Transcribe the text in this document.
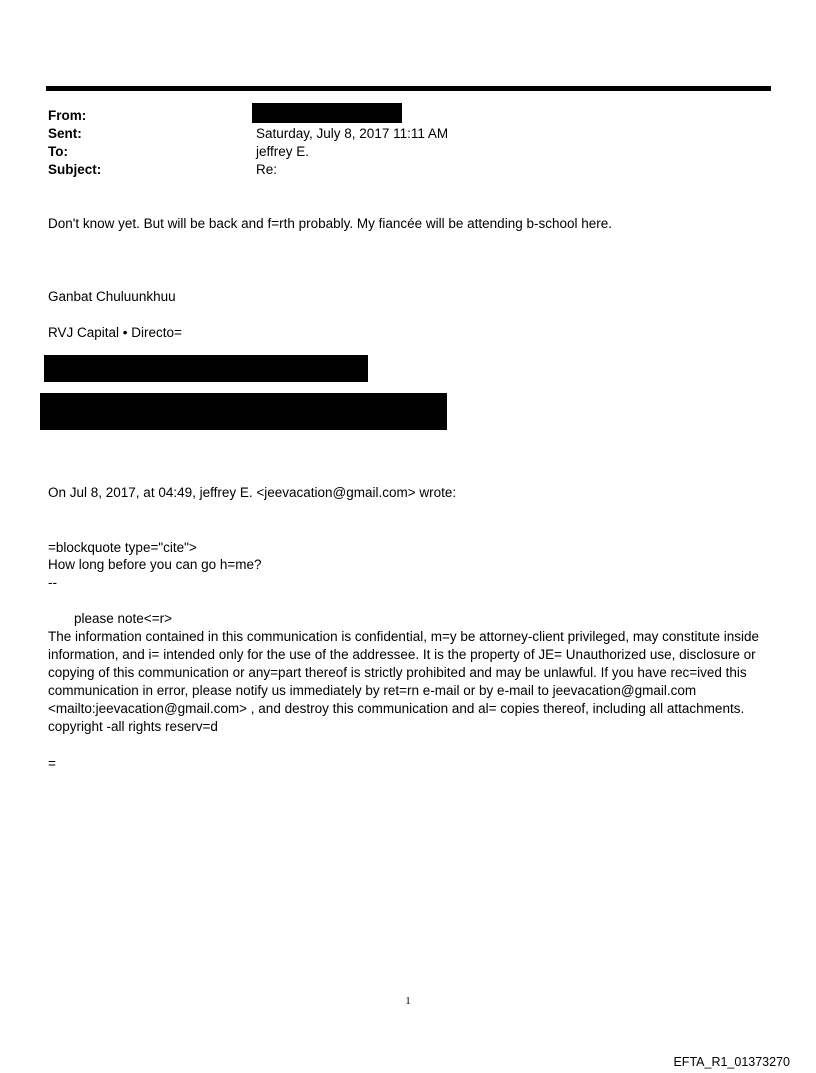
From:
Sent:
To:
Subject:
Saturday, July 8, 2017 11:11 AM
jeffrey E.
Re:
Don't know yet. But will be back and f=rth probably. My fiancée will be attending b-school here.
Ganbat Chuluunkhuu
RVJ Capital • Directo=
On Jul 8, 2017, at 04:49, jeffrey E. <jeevacation@gmail.com> wrote:
=blockquote type="cite">
How long before you can go h=me?
--
please note<=r>
The information contained in this communication is confidential, m=y be attorney-client privileged, may constitute inside information, and i= intended only for the use of the addressee. It is the property of JE= Unauthorized use, disclosure or copying of this communication or any=part thereof is strictly prohibited and may be unlawful. If you have rec=ived this communication in error, please notify us immediately by ret=rn e-mail or by e-mail to jeevacation@gmail.com <mailto:jeevacation@gmail.com> , and destroy this communication and al= copies thereof, including all attachments. copyright -all rights reserv=d
=
1
EFTA_R1_01373270
